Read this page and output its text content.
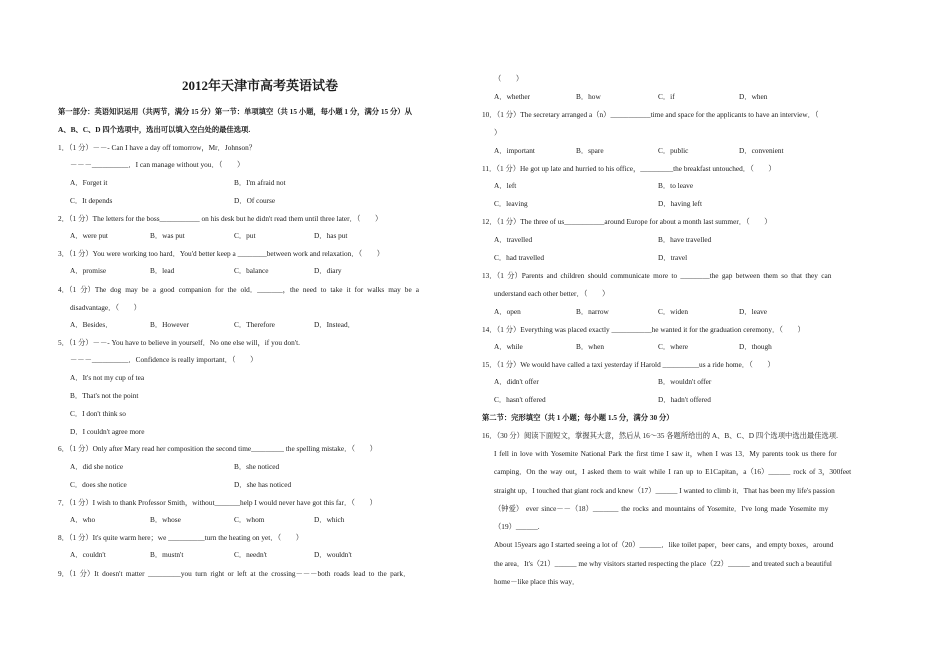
2012年天津市高考英语试卷
第一部分：英语知识运用（共两节，满分 15 分）第一节：单项填空（共 15 小题，每小题 1 分，满分 15 分）从
A、B、C、D 四个选项中，选出可以填入空白处的最佳选项.
1．（1 分）－－- Can I have a day off tomorrow，Mr．Johnson？
－－－__________．I can manage without you．（　　）
A．Forget it	B．I'm afraid not
C．It depends	D．Of course
2．（1 分）The letters for the boss___________ on his desk but he didn't read them until three later．（　　）
A．were put	B．was put	C．put	D．has put
3．（1 分）You were working too hard．You'd better keep a ________between work and relaxation．（　　）
A．promise	B．lead	C．balance	D．diary
4．（1 分）The dog may be a good companion for the old．_______，the need to take it for walks may be a
disadvantage．（　　）
A．Besides．	B．However	C．Therefore	D．Instead．
5．（1 分）－－- You have to believe in yourself．No one else will，if you don't.
－－－__________．Confidence is really important．（　　）
A．It's not my cup of tea
B．That's not the point
C．I don't think so
D．I couldn't agree more
6．（1 分）Only after Mary read her composition the second time_________ the spelling mistake．（　　）
A．did she notice	B．she noticed
C．does she notice	D．she has noticed
7．（1 分）I wish to thank Professor Smith，without_______help I would never have got this far．（　　）
A．who	B．whose	C．whom	D．which
8．（1 分）It's quite warm here；we __________turn the heating on yet．（　　）
A．couldn't	B．mustn't	C．needn't	D．wouldn't
9．（1 分）It doesn't matter _________you turn right or left at the crossing－－－both roads lead to the park．
（　　）
A．whether	B．how	C．if	D．when
10．（1 分）The secretary arranged a（n）___________time and space for the applicants to have an interview．（
）
A．important	B．spare	C．public	D．convenient
11．（1 分）He got up late and hurried to his office，_________the breakfast untouched．（　　）
A．left	B．to leave
C．leaving	D．having left
12．（1 分）The three of us___________around Europe for about a month last summer．（　　）
A．travelled	B．have travelled
C．had travelled	D．travel
13．（1 分）Parents and children should communicate more to ________the gap between them so that they can
understand each other better．（　　）
A．open	B．narrow	C．widen	D．leave
14．（1 分）Everything was placed exactly ___________he wanted it for the graduation ceremony．（　　）
A．while	B．when	C．where	D．though
15．（1 分）We would have called a taxi yesterday if Harold __________us a ride home．（　　）
A．didn't offer	B．wouldn't offer
C．hasn't offered	D．hadn't offered
第二节：完形填空（共 1 小题；每小题 1.5 分，满分 30 分）
16．（30 分）阅读下面短文，掌握其大意，然后从 16～35 各题所给出的 A、B、C、D 四个选项中选出最佳选项.
I fell in love with Yosemite National Park the first time I saw it，when I was 13．My parents took us there for
camping．On the way out，I asked them to wait while I ran up to E1Capitan，a（16）______ rock of 3，300feet
straight up．I touched that giant rock and knew（17）______ I wanted to climb it．That has been my life's passion
（钟爱） ever since－－（18）_______ the rocks and mountains of Yosemite．I've long made Yosemite my
（19）______.
About 15years ago I started seeing a lot of（20）______．like toilet paper，beer cans，and empty boxes，around
the area．It's（21）______ me why visitors started respecting the place（22）______ and treated such a beautiful
home－like place this way．
